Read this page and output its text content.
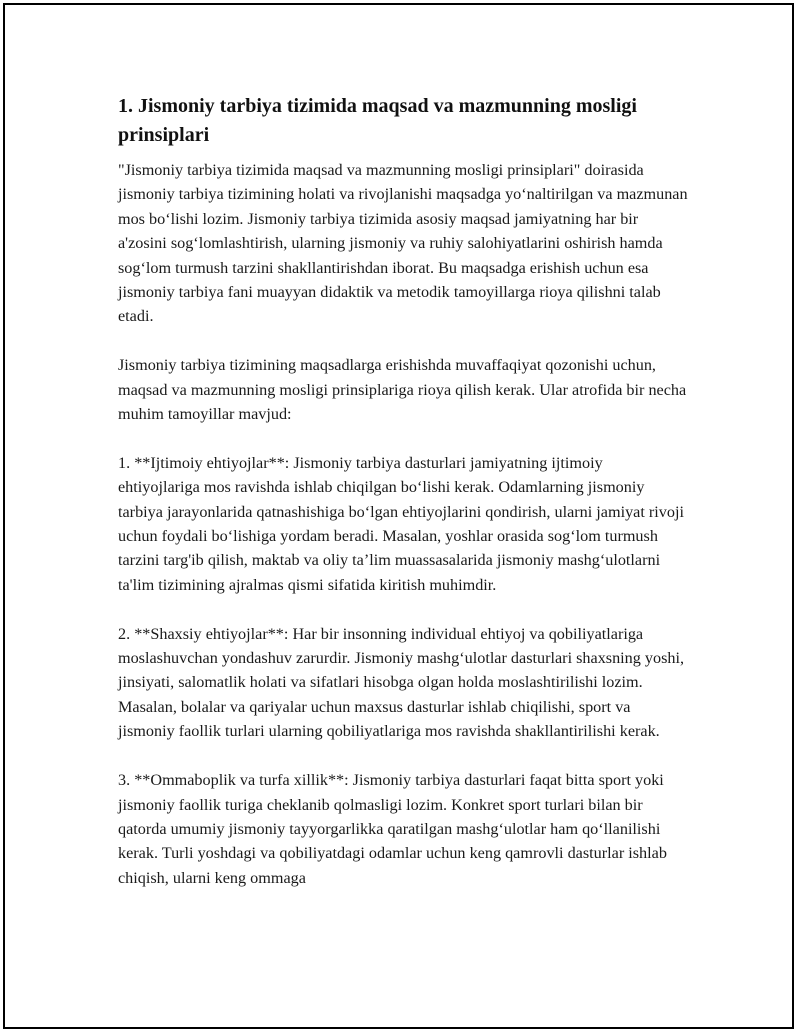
1. Jismoniy tarbiya tizimida maqsad va mazmunning mosligi prinsiplari

"Jismoniy tarbiya tizimida maqsad va mazmunning mosligi prinsiplari" doirasida jismoniy tarbiya tizimining holati va rivojlanishi maqsadga yo‘naltirilgan va mazmunan mos bo‘lishi lozim. Jismoniy tarbiya tizimida asosiy maqsad jamiyatning har bir a'zosini sog‘lomlashtirish, ularning jismoniy va ruhiy salohiyatlarini oshirish hamda sog‘lom turmush tarzini shakllantirishdan iborat. Bu maqsadga erishish uchun esa jismoniy tarbiya fani muayyan didaktik va metodik tamoyillarga rioya qilishni talab etadi.

Jismoniy tarbiya tizimining maqsadlarga erishishda muvaffaqiyat qozonishi uchun, maqsad va mazmunning mosligi prinsiplariga rioya qilish kerak. Ular atrofida bir necha muhim tamoyillar mavjud:

1. **Ijtimoiy ehtiyojlar**: Jismoniy tarbiya dasturlari jamiyatning ijtimoiy ehtiyojlariga mos ravishda ishlab chiqilgan bo‘lishi kerak. Odamlarning jismoniy tarbiya jarayonlarida qatnashishiga bo‘lgan ehtiyojlarini qondirish, ularni jamiyat rivoji uchun foydali bo‘lishiga yordam beradi. Masalan, yoshlar orasida sog‘lom turmush tarzini targ'ib qilish, maktab va oliy ta’lim muassasalarida jismoniy mashg‘ulotlarni ta'lim tizimining ajralmas qismi sifatida kiritish muhimdir.

2. **Shaxsiy ehtiyojlar**: Har bir insonning individual ehtiyoj va qobiliyatlariga moslashuvchan yondashuv zarurdir. Jismoniy mashg‘ulotlar dasturlari shaxsning yoshi, jinsiyati, salomatlik holati va sifatlari hisobga olgan holda moslashtirilishi lozim. Masalan, bolalar va qariyalar uchun maxsus dasturlar ishlab chiqilishi, sport va jismoniy faollik turlari ularning qobiliyatlariga mos ravishda shakllantirilishi kerak.

3. **Ommaboplik va turfa xillik**: Jismoniy tarbiya dasturlari faqat bitta sport yoki jismoniy faollik turiga cheklanib qolmasligi lozim. Konkret sport turlari bilan bir qatorda umumiy jismoniy tayyorgarlikka qaratilgan mashg‘ulotlar ham qo‘llanilishi kerak. Turli yoshdagi va qobiliyatdagi odamlar uchun keng qamrovli dasturlar ishlab chiqish, ularni keng ommaga
